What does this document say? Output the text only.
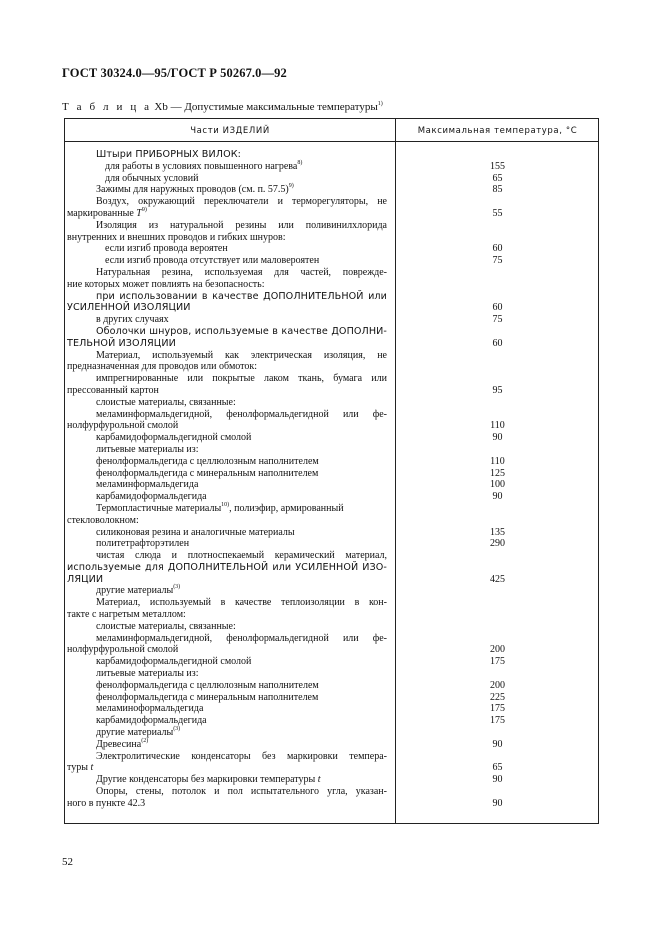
ГОСТ 30324.0—95/ГОСТ Р 50267.0—92
Т а б л и ц а Xb — Допустимые максимальные температуры$^{1)}$
Части ИЗДЕЛИЙ	Максимальная температура, °С
Штыри ПРИБОРНЫХ ВИЛОК:
для работы в условиях повышенного нагрева$^{8)}$	155
для обычных условий	65
Зажимы для наружных проводов (см. п. 57.5)$^{9)}$	85
Воздух, окружающий переключатели и терморегуляторы, не
маркированные $T^{9)}$	55
Изоляция из натуральной резины или поливинилхлорида
внутренних и внешних проводов и гибких шнуров:
если изгиб провода вероятен	60
если изгиб провода отсутствует или маловероятен	75
Натуральная резина, используемая для частей, повреждe-
ние которых может повлиять на безопасность:
при использовании в качестве ДОПОЛНИТЕЛЬНОЙ или
УСИЛЕННОЙ ИЗОЛЯЦИИ	60
в других случаях	75
Оболочки шнуров, используемые в качестве ДОПОЛНИ-
ТЕЛЬНОЙ ИЗОЛЯЦИИ	60
Материал, используемый как электрическая изоляция, не
предназначенная для проводов или обмоток:
импрегнированные или покрытые лаком ткань, бумага или
прессованный картон	95
слоистые материалы, связанные:
меламинформальдегидной, фенолформальдегидной или фе-
нолфурфурольной смолой	110
карбамидоформальдегидной смолой	90
литьевые материалы из:
фенолформальдегида с целлюлозным наполнителем	110
фенолформальдегида с минеральным наполнителем	125
меламинформальдегида	100
карбамидоформальдегида	90
Термопластичные материалы$^{10)}$, полиэфир, армированный
стекловолокном:
силиконовая резина и аналогичные материалы	135
политетрафторэтилен	290
чистая слюда и плотноспекаемый керамический материал,
используемые для ДОПОЛНИТЕЛЬНОЙ или УСИЛЕННОЙ ИЗО-
ЛЯЦИИ	425
другие материалы$^{(3)}$
Материал, используемый в качестве теплоизоляции в кон-
такте с нагретым металлом:
слоистые материалы, связанные:
меламинформальдегидной, фенолформальдегидной или фе-
нолфурфурольной смолой	200
карбамидоформальдегидной смолой	175
литьевые материалы из:
фенолформальдегида с целлюлозным наполнителем	200
фенолформальдегида с минеральным наполнителем	225
меламиноформальдегида	175
карбамидоформальдегида	175
другие материалы$^{(3)}$
Древесина$^{(2)}$	90
Электролитические конденсаторы без маркировки темпера-
туры t	65
Другие конденсаторы без маркировки температуры t	90
Опоры, стены, потолок и пол испытательного угла, указан-
ного в пункте 42.3	90
52
